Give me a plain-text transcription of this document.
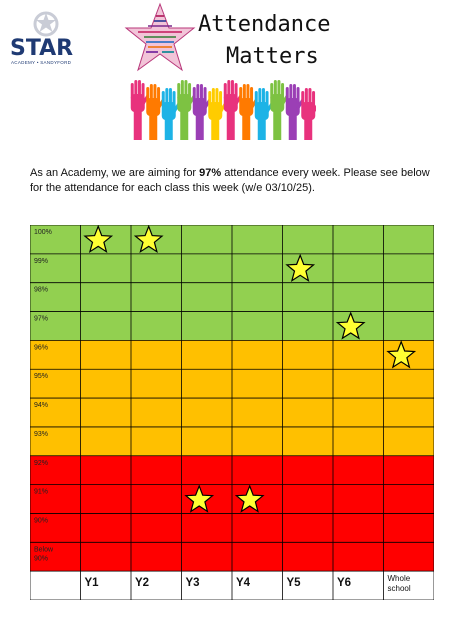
STAR
ACADEMY • SANDYFORD
Attendance
Matters
As an Academy, we are aiming for 97% attendance every week. Please see below for the attendance for each class this week (w/e 03/10/25).
100%
99%
98%
97%
96%
95%
94%
93%
92%
91%
90%
Below 90%
Y1	Y2	Y3	Y4	Y5	Y6	Whole school
